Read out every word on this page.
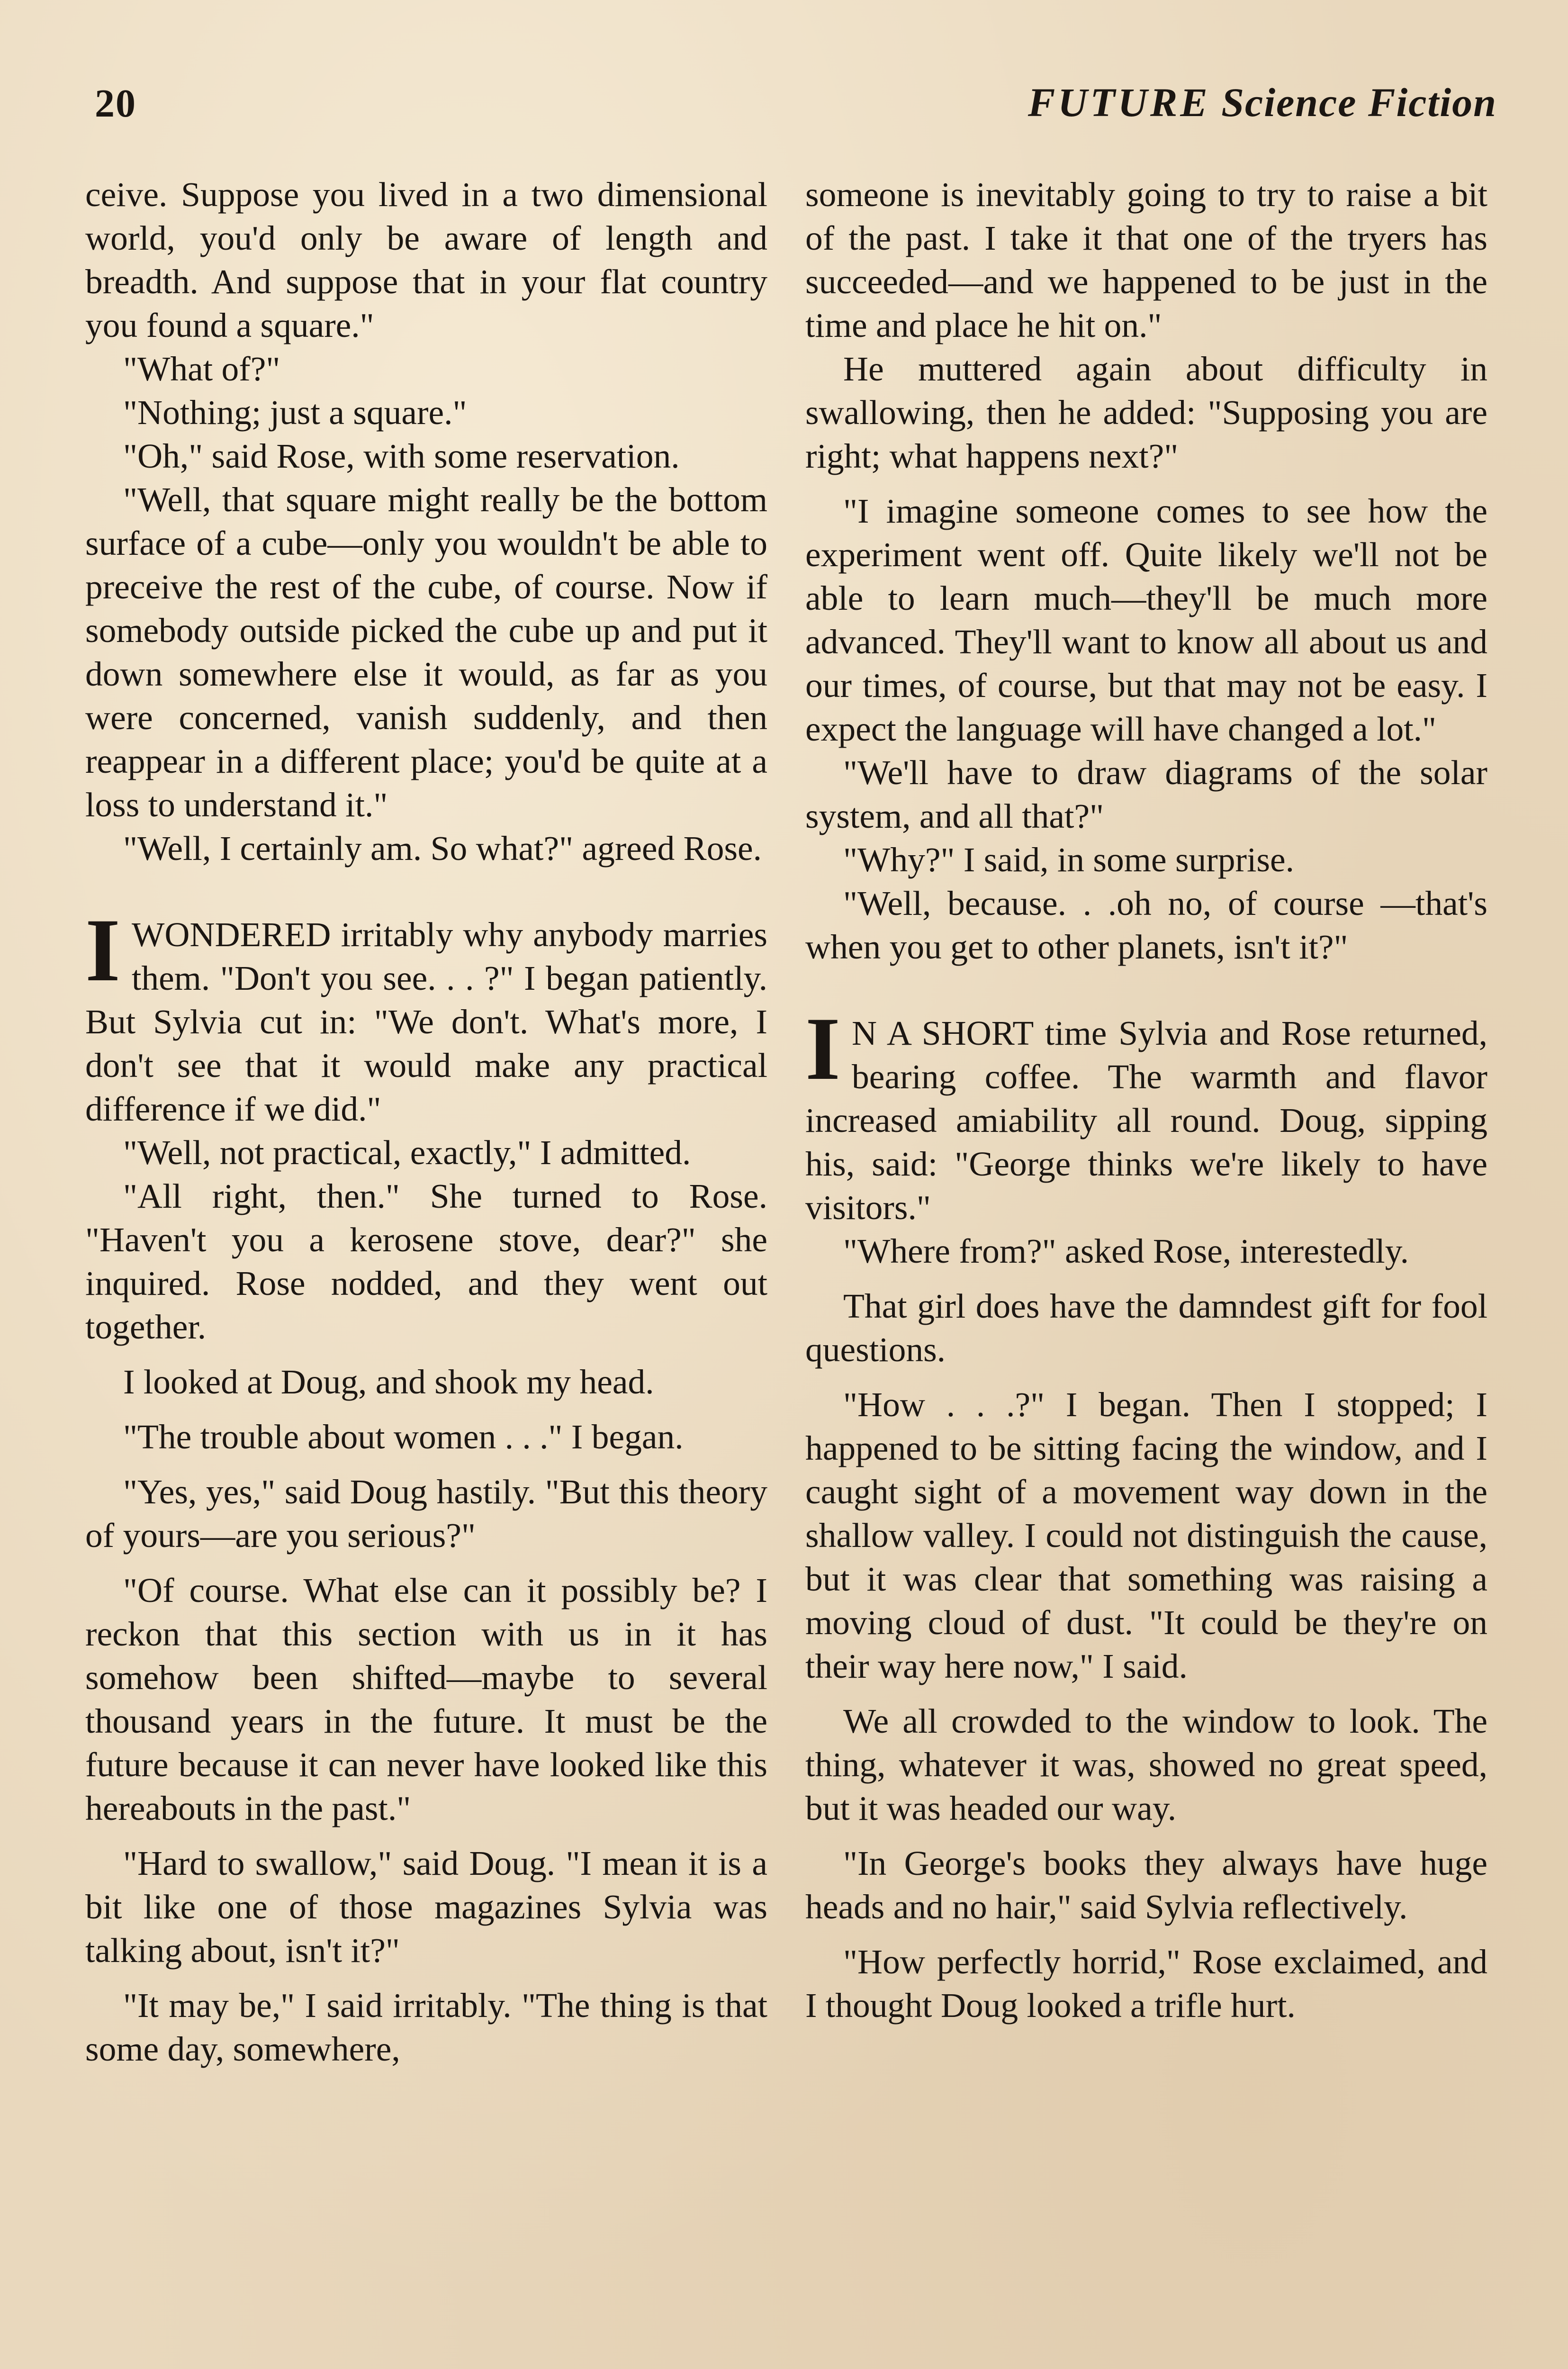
20	FUTURE Science Fiction

ceive. Suppose you lived in a two dimensional world, you'd only be aware of length and breadth. And suppose that in your flat country you found a square."

"What of?"

"Nothing; just a square."

"Oh," said Rose, with some reservation.

"Well, that square might really be the bottom surface of a cube—only you wouldn't be able to preceive the rest of the cube, of course. Now if somebody outside picked the cube up and put it down somewhere else it would, as far as you were concerned, vanish suddenly, and then reappear in a different place; you'd be quite at a loss to understand it."

"Well, I certainly am. So what?" agreed Rose.

IWONDERED irritably why anybody marries them. "Don't you see. . . ?" I began patiently. But Sylvia cut in: "We don't. What's more, I don't see that it would make any practical difference if we did."

"Well, not practical, exactly," I admitted.

"All right, then." She turned to Rose. "Haven't you a kerosene stove, dear?" she inquired. Rose nodded, and they went out together.

I looked at Doug, and shook my head.

"The trouble about women . . ." I began.

"Yes, yes," said Doug hastily. "But this theory of yours—are you serious?"

"Of course. What else can it possibly be? I reckon that this section with us in it has somehow been shifted—maybe to several thousand years in the future. It must be the future because it can never have looked like this hereabouts in the past."

"Hard to swallow," said Doug. "I mean it is a bit like one of those magazines Sylvia was talking about, isn't it?"

"It may be," I said irritably. "The thing is that some day, somewhere,

someone is inevitably going to try to raise a bit of the past. I take it that one of the tryers has succeeded—and we happened to be just in the time and place he hit on."

He muttered again about difficulty in swallowing, then he added: "Supposing you are right; what happens next?"

"I imagine someone comes to see how the experiment went off. Quite likely we'll not be able to learn much—they'll be much more advanced. They'll want to know all about us and our times, of course, but that may not be easy. I expect the language will have changed a lot."

"We'll have to draw diagrams of the solar system, and all that?"

"Why?" I said, in some surprise.

"Well, because. . .oh no, of course —that's when you get to other planets, isn't it?"

I N A SHORT time Sylvia and Rose returned, bearing coffee. The warmth and flavor increased amiability all round. Doug, sipping his, said: "George thinks we're likely to have visitors."

"Where from?" asked Rose, interestedly.

That girl does have the damndest gift for fool questions.

"How . . .?" I began. Then I stopped; I happened to be sitting facing the window, and I caught sight of a movement way down in the shallow valley. I could not distinguish the cause, but it was clear that something was raising a moving cloud of dust. "It could be they're on their way here now," I said.

We all crowded to the window to look. The thing, whatever it was, showed no great speed, but it was headed our way.

"In George's books they always have huge heads and no hair," said Sylvia reflectively.

"How perfectly horrid," Rose exclaimed, and I thought Doug looked a trifle hurt.
